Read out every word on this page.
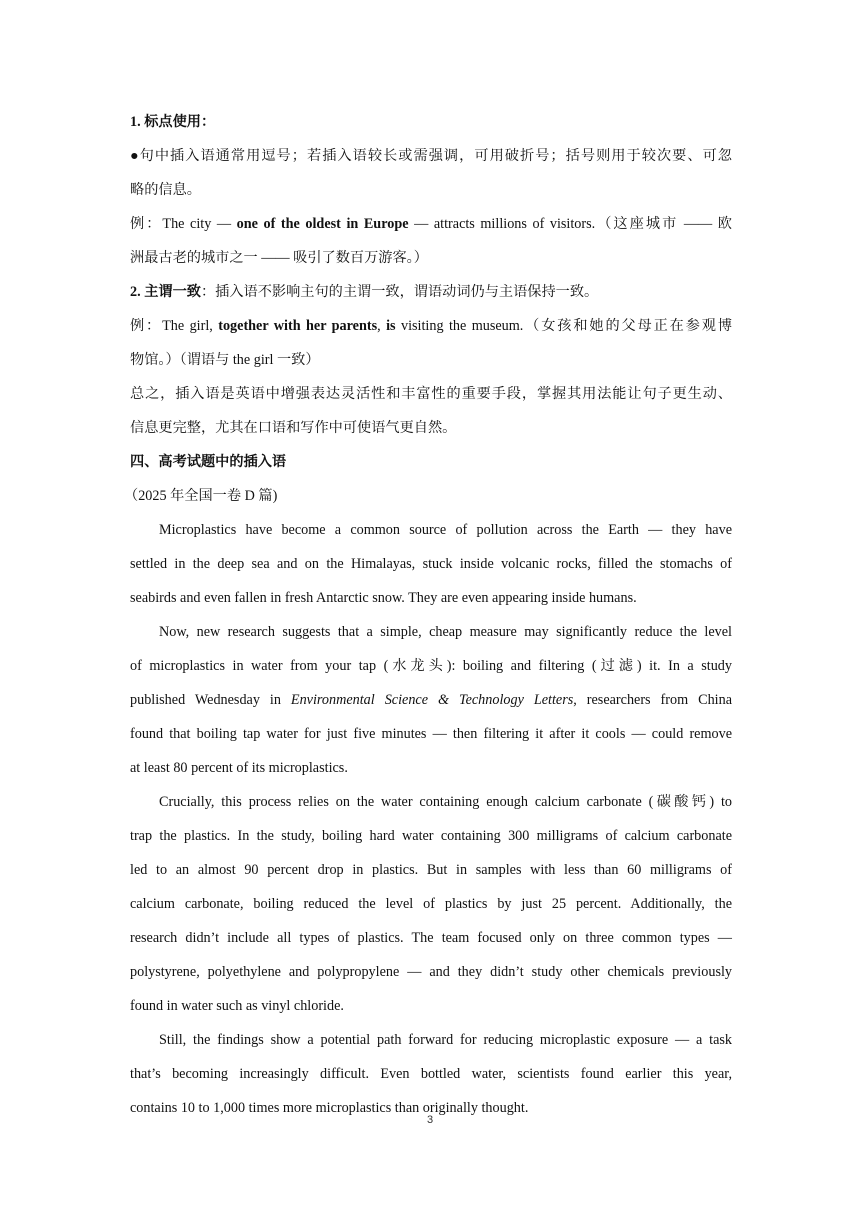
1. 标点使用：

●句中插入语通常用逗号；若插入语较长或需强调，可用破折号；括号则用于较次要、可忽

略的信息。

例：The city — one of the oldest in Europe — attracts millions of visitors.（这座城市 —— 欧

洲最古老的城市之一 —— 吸引了数百万游客。）

2. 主谓一致：插入语不影响主句的主谓一致，谓语动词仍与主语保持一致。

例：The girl, together with her parents, is visiting the museum.（女孩和她的父母正在参观博

物馆。）（谓语与 the girl 一致）

总之，插入语是英语中增强表达灵活性和丰富性的重要手段，掌握其用法能让句子更生动、

信息更完整，尤其在口语和写作中可使语气更自然。

四、高考试题中的插入语

（2025 年全国一卷 D 篇)

Microplastics have become a common source of pollution across the Earth — they have

settled in the deep sea and on the Himalayas, stuck inside volcanic rocks, filled the stomachs of

seabirds and even fallen in fresh Antarctic snow. They are even appearing inside humans.

Now, new research suggests that a simple, cheap measure may significantly reduce the level

of microplastics in water from your tap (水龙头): boiling and filtering (过滤) it. In a study

published Wednesday in Environmental Science & Technology Letters, researchers from China

found that boiling tap water for just five minutes — then filtering it after it cools — could remove

at least 80 percent of its microplastics.

Crucially, this process relies on the water containing enough calcium carbonate (碳酸钙) to

trap the plastics. In the study, boiling hard water containing 300 milligrams of calcium carbonate

led to an almost 90 percent drop in plastics. But in samples with less than 60 milligrams of

calcium carbonate, boiling reduced the level of plastics by just 25 percent. Additionally, the

research didn’t include all types of plastics. The team focused only on three common types —

polystyrene, polyethylene and polypropylene — and they didn’t study other chemicals previously

found in water such as vinyl chloride.

Still, the findings show a potential path forward for reducing microplastic exposure — a task

that’s becoming increasingly difficult. Even bottled water, scientists found earlier this year,

contains 10 to 1,000 times more microplastics than originally thought.

3
